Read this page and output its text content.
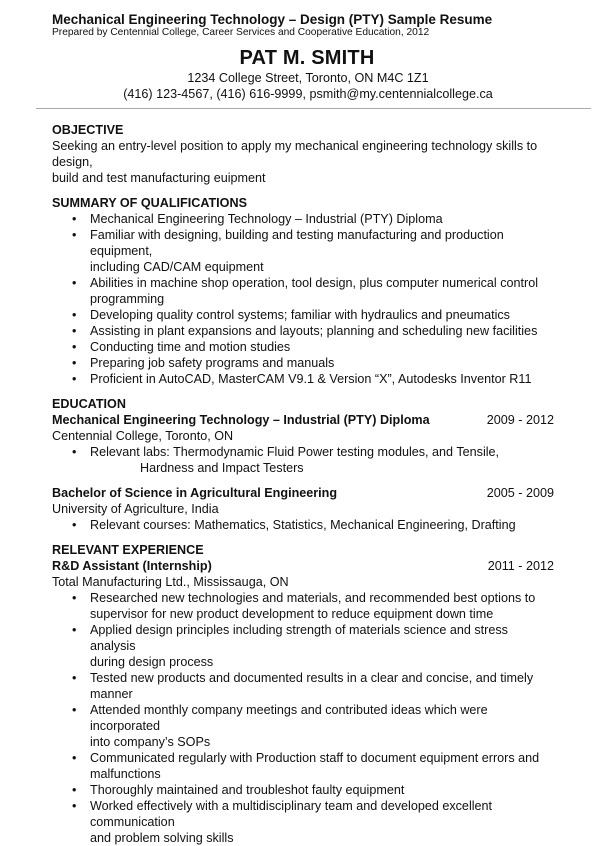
Mechanical Engineering Technology – Design (PTY) Sample Resume
Prepared by Centennial College, Career Services and Cooperative Education, 2012
PAT M. SMITH
1234 College Street, Toronto, ON M4C 1Z1
(416) 123-4567, (416) 616-9999, psmith@my.centennialcollege.ca
OBJECTIVE
Seeking an entry-level position to apply my mechanical engineering technology skills to design,
build and test manufacturing euipment
SUMMARY OF QUALIFICATIONS
• Mechanical Engineering Technology – Industrial (PTY) Diploma
• Familiar with designing, building and testing manufacturing and production equipment,
including CAD/CAM equipment
• Abilities in machine shop operation, tool design, plus computer numerical control
programming
• Developing quality control systems; familiar with hydraulics and pneumatics
• Assisting in plant expansions and layouts; planning and scheduling new facilities
• Conducting time and motion studies
• Preparing job safety programs and manuals
• Proficient in AutoCAD, MasterCAM V9.1 & Version “X”, Autodesks Inventor R11
EDUCATION
Mechanical Engineering Technology – Industrial (PTY) Diploma	2009 - 2012
Centennial College, Toronto, ON
• Relevant labs: Thermodynamic Fluid Power testing modules, and Tensile,

Hardness and Impact Testers
Bachelor of Science in Agricultural Engineering	2005 - 2009
University of Agriculture, India
• Relevant courses: Mathematics, Statistics, Mechanical Engineering, Drafting
RELEVANT EXPERIENCE
R&D Assistant (Internship)	2011 - 2012
Total Manufacturing Ltd., Mississauga, ON
• Researched new technologies and materials, and recommended best options to
supervisor for new product development to reduce equipment down time
• Applied design principles including strength of materials science and stress analysis
during design process
• Tested new products and documented results in a clear and concise, and timely manner
• Attended monthly company meetings and contributed ideas which were incorporated
into company’s SOPs
• Communicated regularly with Production staff to document equipment errors and
malfunctions
• Thoroughly maintained and troubleshot faulty equipment
• Worked effectively with a multidisciplinary team and developed excellent communication
and problem solving skills
